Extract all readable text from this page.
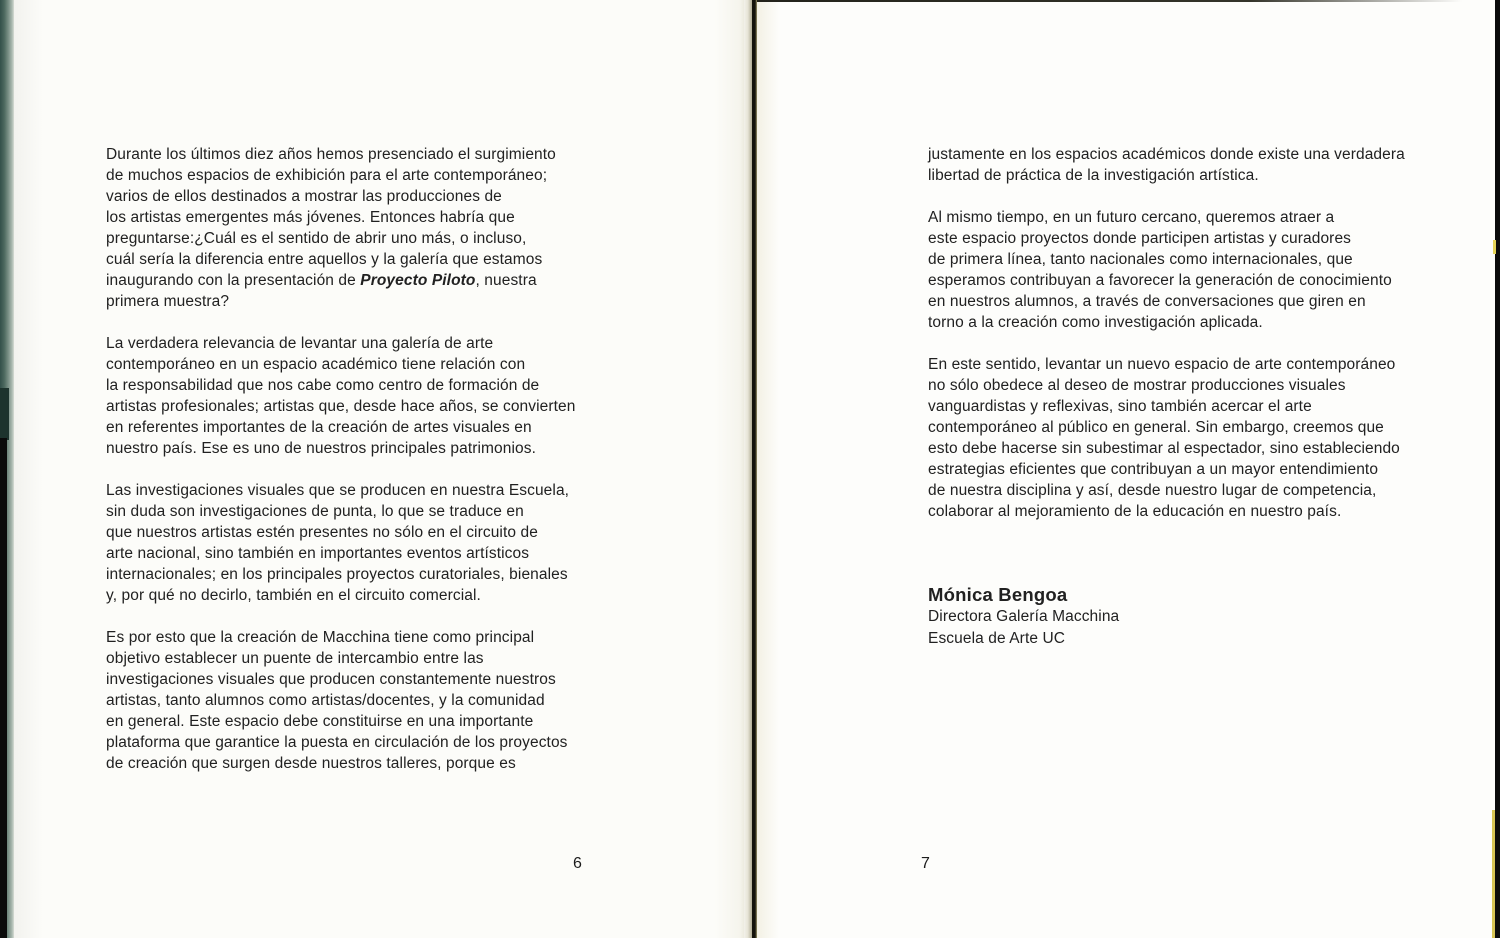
Durante los últimos diez años hemos presenciado el surgimiento
de muchos espacios de exhibición para el arte contemporáneo;
varios de ellos destinados a mostrar las producciones de
los artistas emergentes más jóvenes. Entonces habría que
preguntarse:¿Cuál es el sentido de abrir uno más, o incluso,
cuál sería la diferencia entre aquellos y la galería que estamos
inaugurando con la presentación de Proyecto Piloto, nuestra
primera muestra?
La verdadera relevancia de levantar una galería de arte
contemporáneo en un espacio académico tiene relación con
la responsabilidad que nos cabe como centro de formación de
artistas profesionales; artistas que, desde hace años, se convierten
en referentes importantes de la creación de artes visuales en
nuestro país. Ese es uno de nuestros principales patrimonios.
Las investigaciones visuales que se producen en nuestra Escuela,
sin duda son investigaciones de punta, lo que se traduce en
que nuestros artistas estén presentes no sólo en el circuito de
arte nacional, sino también en importantes eventos artísticos
internacionales; en los principales proyectos curatoriales, bienales
y, por qué no decirlo, también en el circuito comercial.
Es por esto que la creación de Macchina tiene como principal
objetivo establecer un puente de intercambio entre las
investigaciones visuales que producen constantemente nuestros
artistas, tanto alumnos como artistas/docentes, y la comunidad
en general. Este espacio debe constituirse en una importante
plataforma que garantice la puesta en circulación de los proyectos
de creación que surgen desde nuestros talleres, porque es
justamente en los espacios académicos donde existe una verdadera
libertad de práctica de la investigación artística.
Al mismo tiempo, en un futuro cercano, queremos atraer a
este espacio proyectos donde participen artistas y curadores
de primera línea, tanto nacionales como internacionales, que
esperamos contribuyan a favorecer la generación de conocimiento
en nuestros alumnos, a través de conversaciones que giren en
torno a la creación como investigación aplicada.
En este sentido, levantar un nuevo espacio de arte contemporáneo
no sólo obedece al deseo de mostrar producciones visuales
vanguardistas y reflexivas, sino también acercar el arte
contemporáneo al público en general. Sin embargo, creemos que
esto debe hacerse sin subestimar al espectador, sino estableciendo
estrategias eficientes que contribuyan a un mayor entendimiento
de nuestra disciplina y así, desde nuestro lugar de competencia,
colaborar al mejoramiento de la educación en nuestro país.
Mónica Bengoa
Directora Galería Macchina
Escuela de Arte UC
6	7
